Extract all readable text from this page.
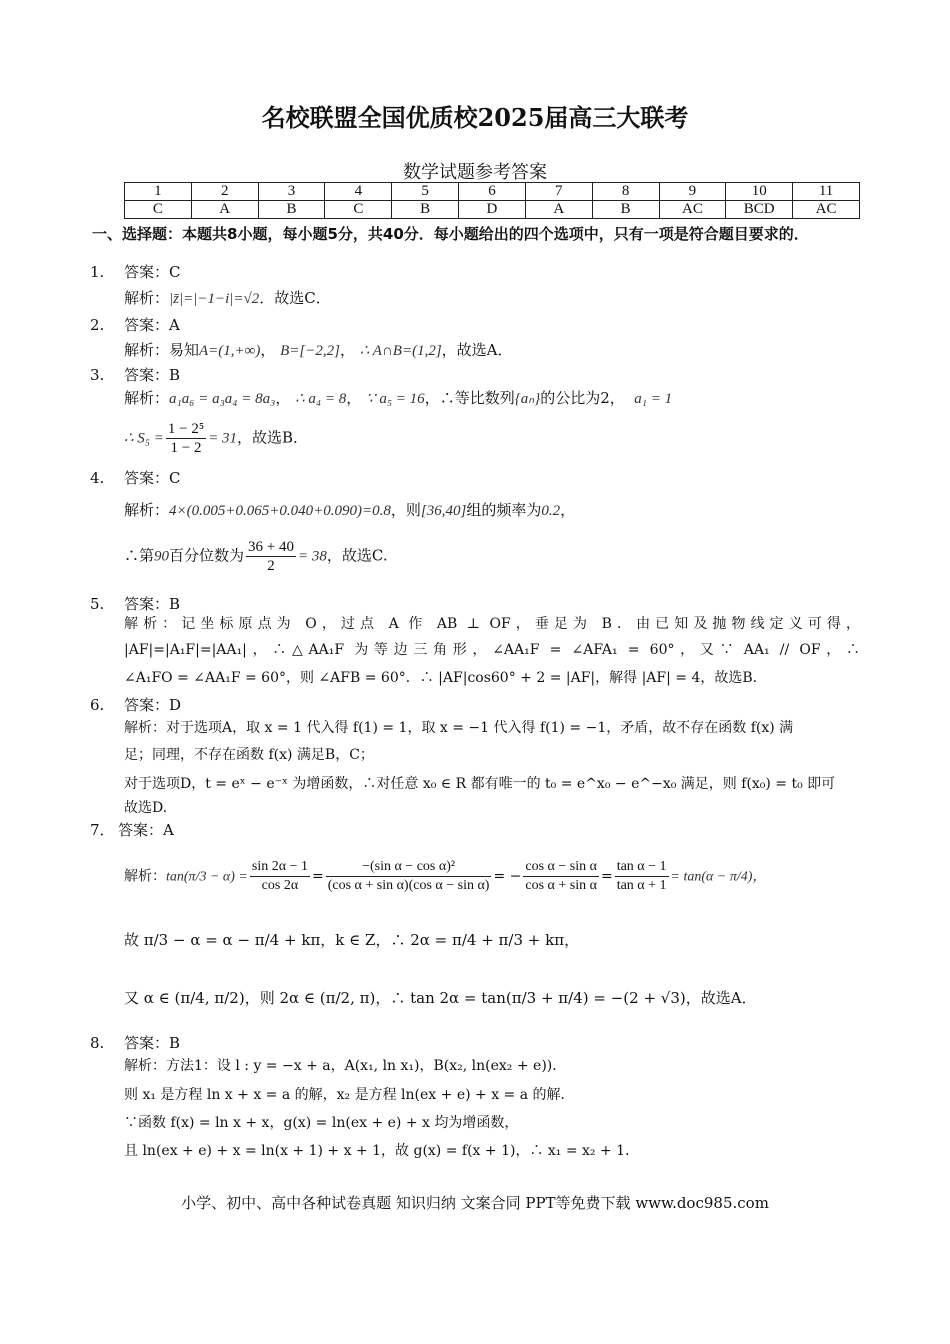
名校联盟全国优质校2025届高三大联考
数学试题参考答案
1	2	3	4	5	6	7	8	9	10	11
C	A	B	C	B	D	A	B	AC	BCD	AC
一、选择题：本题共8小题，每小题5分，共40分．每小题给出的四个选项中，只有一项是符合题目要求的．
1. 答案：C
解析：|z̄|=|−1−i|=√2．故选C．
2. 答案：A
解析：易知A=(1,+∞)， B=[−2,2]， ∴ A∩B=(1,2]，故选A．
3. 答案：B
解析：a₁a₆ = a₃a₄ = 8a₃， ∴ a₄ = 8， ∵ a₅ = 16，∴等比数列{aₙ}的公比为2， a₁ = 1
∴ $S_5 = \frac{\text{1 − 2⁵}}{1 - 2} = 31$，故选B．
4. 答案：C
解析：4×(0.005+0.065+0.040+0.090)=0.8，则[36,40]组的频率为0.2，
∴第90百分位数为 $\frac{36 + 40}{2} = 38$，故选C.
5. 答案：B
解析：记坐标原点为 O，过点 A 作 AB ⊥ OF，垂足为 B．由已知及抛物线定义可得，
|AF|=|A₁F|=|AA₁|，∴△AA₁F 为等边三角形，∠AA₁F = ∠AFA₁ = 60°，又∵ AA₁ // OF，∴
∠A₁FO = ∠AA₁F = 60°，则 ∠AFB = 60°．∴ |AF|cos60° + 2 = |AF|，解得 |AF| = 4，故选B．
6. 答案：D
解析：对于选项A，取 x = 1 代入得 f(1) = 1，取 x = −1 代入得 f(1) = −1，矛盾，故不存在函数 f(x) 满
足；同理，不存在函数 f(x) 满足B，C；
对于选项D，t = eˣ − e⁻ˣ 为增函数，∴对任意 x₀ ∈ R 都有唯一的 t₀ = e^x₀ − e^−x₀ 满足，则 f(x₀) = t₀ 即可
故选D.
7． 答案：A
解析：$\tan(\pi/3 - \alpha) = \frac{\sin 2\alpha - 1}{\cos 2\alpha} = \frac{\text{−(sin α − cos α)²}}{\text{(cos α + sin α)(cos α − sin α)}}$ = − $\frac{\text{cos α − sin α}}{\text{cos α + sin α}} = \frac{\text{tan α − 1}}{\text{tan α + 1}} = \tan(\alpha - \pi/4)$，
故 π/3 − α = α − π/4 + kπ，k ∈ Z，∴ 2α = π/4 + π/3 + kπ，
又 α ∈ (π/4, π/2)，则 2α ∈ (π/2, π)，∴ tan 2α = tan(π/3 + π/4) = −(2 + √3)，故选A．
8. 答案：B
解析：方法1：设 l : y = −x + a，A(x₁, ln x₁)，B(x₂, ln(ex₂ + e))．
则 x₁ 是方程 ln x + x = a 的解，x₂ 是方程 ln(ex + e) + x = a 的解．
∵函数 f(x) = ln x + x，g(x) = ln(ex + e) + x 均为增函数，
且 ln(ex + e) + x = ln(x + 1) + x + 1，故 g(x) = f(x + 1)，∴ x₁ = x₂ + 1．
小学、初中、高中各种试卷真题 知识归纳 文案合同 PPT等免费下载 www.doc985.com
